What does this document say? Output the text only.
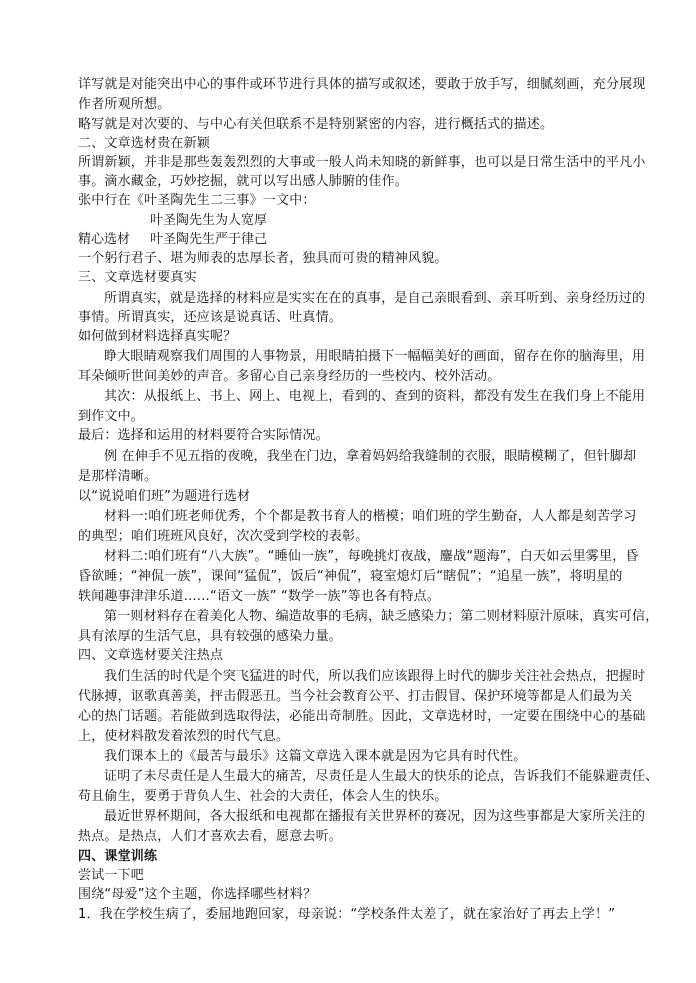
详写就是对能突出中心的事件或环节进行具体的描写或叙述，要敢于放手写，细腻刻画，充分展现
作者所观所想。
略写就是对次要的、与中心有关但联系不是特别紧密的内容，进行概括式的描述。
二、文章选材贵在新颖
所谓新颖，并非是那些轰轰烈烈的大事或一般人尚未知晓的新鲜事，也可以是日常生活中的平凡小
事。滴水藏金，巧妙挖掘，就可以写出感人肺腑的佳作。
张中行在《叶圣陶先生二三事》一文中：
叶圣陶先生为人宽厚
精心选材 叶圣陶先生严于律己
一个躬行君子、堪为师表的忠厚长者，独具而可贵的精神风貌。
三、文章选材要真实
所谓真实，就是选择的材料应是实实在在的真事，是自己亲眼看到、亲耳听到、亲身经历过的
事情。所谓真实，还应该是说真话、吐真情。
如何做到材料选择真实呢？
睁大眼睛观察我们周围的人事物景，用眼睛拍摄下一幅幅美好的画面，留存在你的脑海里，用
耳朵倾听世间美妙的声音。多留心自己亲身经历的一些校内、校外活动。
其次：从报纸上、书上、网上、电视上，看到的、查到的资料，都没有发生在我们身上不能用
到作文中。
最后：选择和运用的材料要符合实际情况。
例 在伸手不见五指的夜晚，我坐在门边，拿着妈妈给我缝制的衣服，眼睛模糊了，但针脚却
是那样清晰。
以“说说咱们班”为题进行选材
材料一:咱们班老师优秀，个个都是教书育人的楷模；咱们班的学生勤奋，人人都是刻苦学习
的典型；咱们班班风良好，次次受到学校的表彰。
材料二:咱们班有“八大族”。“睡仙一族”，每晚挑灯夜战，鏖战“题海”，白天如云里雾里，昏
昏欲睡；“神侃一族”，课间“猛侃”，饭后“神侃”，寝室熄灯后“瞎侃”；“追星一族”，将明星的
轶闻趣事津津乐道……“语文一族” “数学一族”等也各有特点。
第一则材料存在着美化人物、编造故事的毛病，缺乏感染力；第二则材料原汁原味，真实可信，
具有浓厚的生活气息，具有较强的感染力量。
四、文章选材要关注热点
我们生活的时代是个突飞猛进的时代，所以我们应该跟得上时代的脚步关注社会热点，把握时
代脉搏，讴歌真善美，抨击假恶丑。当今社会教育公平、打击假冒、保护环境等都是人们最为关
心的热门话题。若能做到选取得法，必能出奇制胜。因此，文章选材时，一定要在围绕中心的基础
上，使材料散发着浓烈的时代气息。
我们课本上的《最苦与最乐》这篇文章选入课本就是因为它具有时代性。
证明了未尽责任是人生最大的痛苦，尽责任是人生最大的快乐的论点，告诉我们不能躲避责任、
苟且偷生，要勇于背负人生、社会的大责任，体会人生的快乐。
最近世界杯期间，各大报纸和电视都在播报有关世界杯的赛况，因为这些事都是大家所关注的
热点。是热点，人们才喜欢去看，愿意去听。
四、课堂训练
尝试一下吧
围绕“母爱”这个主题，你选择哪些材料？
1．我在学校生病了，委屈地跑回家，母亲说：“学校条件太差了，就在家治好了再去上学！”
